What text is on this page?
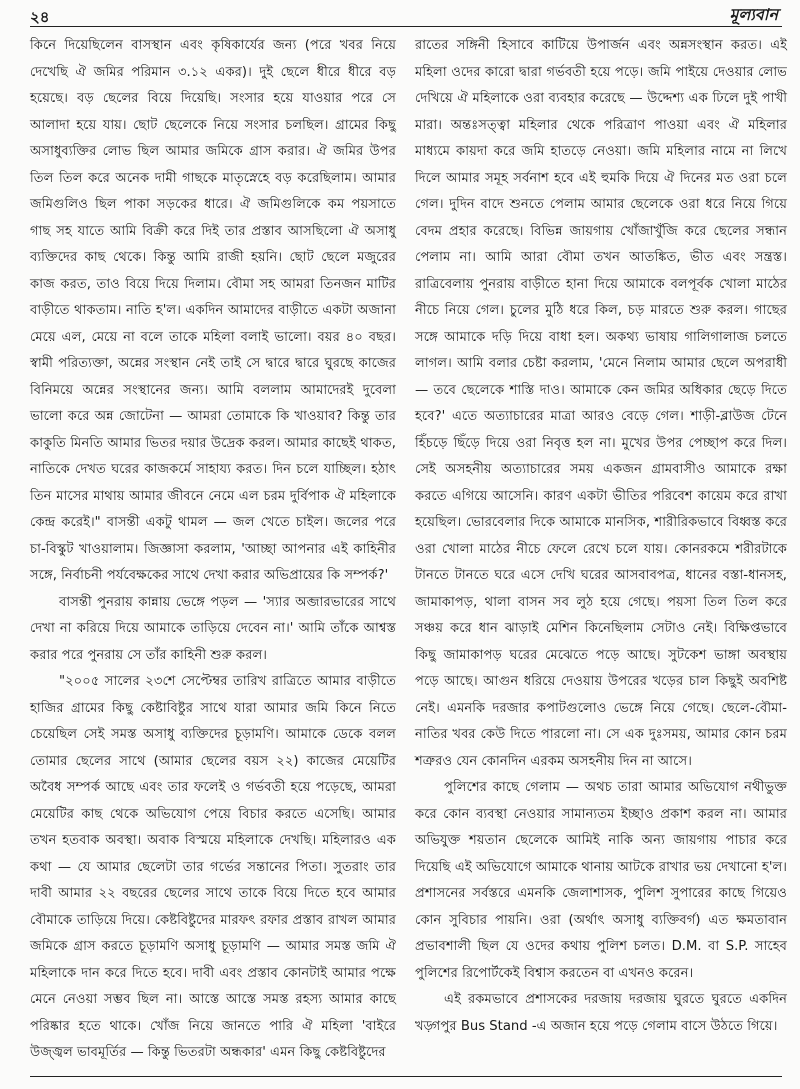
২৪	মূল্যবান

কিনে দিয়েছিলেন বাসস্থান এবং কৃষিকার্যের জন্য (পরে খবর নিয়ে দেখেছি ঐ জমির পরিমান ৩.১২ একর)। দুই ছেলে ধীরে ধীরে বড় হয়েছে। বড় ছেলের বিয়ে দিয়েছি। সংসার হয়ে যাওয়ার পরে সে আলাদা হয়ে যায়। ছোট ছেলেকে নিয়ে সংসার চলছিল। গ্রামের কিছু অসাধুব্যক্তির লোভ ছিল আমার জমিকে গ্রাস করার। ঐ জমির উপর তিল তিল করে অনেক দামী গাছকে মাতৃস্নেহে বড় করেছিলাম। আমার জমিগুলিও ছিল পাকা সড়কের ধারে। ঐ জমিগুলিকে কম পয়সাতে গাছ সহ যাতে আমি বিক্রী করে দিই তার প্রস্তাব আসছিলো ঐ অসাধু ব্যক্তিদের কাছ থেকে। কিন্তু আমি রাজী হয়নি। ছোট ছেলে মজুরের কাজ করত, তাও বিয়ে দিয়ে দিলাম। বৌমা সহ আমরা তিনজন মাটির বাড়ীতে থাকতাম। নাতি হ'ল। একদিন আমাদের বাড়ীতে একটা অজানা মেয়ে এল, মেয়ে না বলে তাকে মহিলা বলাই ভালো। বয়র ৪০ বছর। স্বামী পরিত্যক্তা, অন্নের সংস্থান নেই তাই সে দ্বারে দ্বারে ঘুরছে কাজের বিনিময়ে অন্নের সংস্থানের জন্য। আমি বললাম আমাদেরই দুবেলা ভালো করে অন্ন জোটেনা — আমরা তোমাকে কি খাওয়াব? কিন্তু তার কাকুতি মিনতি আমার ভিতর দয়ার উদ্রেক করল। আমার কাছেই থাকত, নাতিকে দেখত ঘরের কাজকর্মে সাহায্য করত। দিন চলে যাচ্ছিল। হঠাৎ তিন মাসের মাথায় আমার জীবনে নেমে এল চরম দুর্বিপাক ঐ মহিলাকে কেন্দ্র করেই।" বাসন্তী একটু থামল — জল খেতে চাইল। জলের পরে চা-বিস্কুট খাওয়ালাম। জিজ্ঞাসা করলাম, 'আচ্ছা আপনার এই কাহিনীর সঙ্গে, নির্বাচনী পর্যবেক্ষকের সাথে দেখা করার অভিপ্রায়ের কি সম্পর্ক?'

বাসন্তী পুনরায় কান্নায় ভেঙ্গে পড়ল — 'স্যার অব্জারভারের সাথে দেখা না করিয়ে দিয়ে আমাকে তাড়িয়ে দেবেন না।' আমি তাঁকে আশ্বস্ত করার পরে পুনরায় সে তাঁর কাহিনী শুরু করল।

"২০০৫ সালের ২৩শে সেপ্টেম্বর তারিখ রাত্রিতে আমার বাড়ীতে হাজির গ্রামের কিছু কেষ্টাবিষ্টুর সাথে যারা আমার জমি কিনে নিতে চেয়েছিল সেই সমস্ত অসাধু ব্যক্তিদের চূড়ামণি। আমাকে ডেকে বলল তোমার ছেলের সাথে (আমার ছেলের বয়স ২২) কাজের মেয়েটির অবৈধ সম্পর্ক আছে এবং তার ফলেই ও গর্ভবতী হয়ে পড়েছে, আমরা মেয়েটির কাছ থেকে অভিযোগ পেয়ে বিচার করতে এসেছি। আমার তখন হতবাক অবস্থা। অবাক বিস্ময়ে মহিলাকে দেখছি। মহিলারও এক কথা — যে আমার ছেলেটা তার গর্ভের সন্তানের পিতা। সুতরাং তার দাবী আমার ২২ বছরের ছেলের সাথে তাকে বিয়ে দিতে হবে আমার বৌমাকে তাড়িয়ে দিয়ে। কেষ্টবিষ্টুদের মারফৎ রফার প্রস্তাব রাখল আমার জমিকে গ্রাস করতে চূড়ামণি অসাধু চূড়ামণি — আমার সমস্ত জমি ঐ মহিলাকে দান করে দিতে হবে। দাবী এবং প্রস্তাব কোনটাই আমার পক্ষে মেনে নেওয়া সম্ভব ছিল না। আস্তে আস্তে সমস্ত রহস্য আমার কাছে পরিষ্কার হতে থাকে। খোঁজ নিয়ে জানতে পারি ঐ মহিলা 'বাইরে উজ্জ্বল ভাবমূর্তির — কিন্তু ভিতরটা অন্ধকার' এমন কিছু কেষ্টবিষ্টুদের

রাতের সঙ্গিনী হিসাবে কাটিয়ে উপার্জন এবং অন্নসংস্থান করত। এই মহিলা ওদের কারো দ্বারা গর্ভবতী হয়ে পড়ে। জমি পাইয়ে দেওয়ার লোভ দেখিয়ে ঐ মহিলাকে ওরা ব্যবহার করেছে — উদ্দেশ্য এক ঢিলে দুই পাখী মারা। অন্তঃসত্ত্বা মহিলার থেকে পরিত্রাণ পাওয়া এবং ঐ মহিলার মাধ্যমে কায়দা করে জমি হাতড়ে নেওয়া। জমি মহিলার নামে না লিখে দিলে আমার সমূহ সর্বনাশ হবে এই হুমকি দিয়ে ঐ দিনের মত ওরা চলে গেল। দুদিন বাদে শুনতে পেলাম আমার ছেলেকে ওরা ধরে নিয়ে গিয়ে বেদম প্রহার করেছে। বিভিন্ন জায়গায় খোঁজাখুঁজি করে ছেলের সন্ধান পেলাম না। আমি আরা বৌমা তখন আতঙ্কিত, ভীত এবং সন্ত্রস্ত। রাত্রিবেলায় পুনরায় বাড়ীতে হানা দিয়ে আমাকে বলপূর্বক খোলা মাঠের নীচে নিয়ে গেল। চুলের মুঠি ধরে কিল, চড় মারতে শুরু করল। গাছের সঙ্গে আমাকে দড়ি দিয়ে বাধা হল। অকথ্য ভাষায় গালিগালাজ চলতে লাগল। আমি বলার চেষ্টা করলাম, 'মেনে নিলাম আমার ছেলে অপরাধী — তবে ছেলেকে শাস্তি দাও। আমাকে কেন জমির অধিকার ছেড়ে দিতে হবে?' এতে অত্যাচারের মাত্রা আরও বেড়ে গেল। শাড়ী-ব্লাউজ টেনে হিঁচড়ে ছিঁড়ে দিয়ে ওরা নিবৃত্ত হল না। মুখের উপর পেচ্ছাপ করে দিল। সেই অসহনীয় অত্যাচারের সময় একজন গ্রামবাসীও আমাকে রক্ষা করতে এগিয়ে আসেনি। কারণ একটা ভীতির পরিবেশ কায়েম করে রাখা হয়েছিল। ভোরবেলার দিকে আমাকে মানসিক, শারীরিকভাবে বিধ্বস্ত করে ওরা খোলা মাঠের নীচে ফেলে রেখে চলে যায়। কোনরকমে শরীরটাকে টানতে টানতে ঘরে এসে দেখি ঘরের আসবাবপত্র, ধানের বস্তা-ধানসহ, জামাকাপড়, থালা বাসন সব লুঠ হয়ে গেছে। পয়সা তিল তিল করে সঞ্চয় করে ধান ঝাড়াই মেশিন কিনেছিলাম সেটাও নেই। বিক্ষিপ্তভাবে কিছু জামাকাপড় ঘরের মেঝেতে পড়ে আছে। সুটকেশ ভাঙ্গা অবস্থায় পড়ে আছে। আগুন ধরিয়ে দেওয়ায় উপরের খড়ের চাল কিছুই অবশিষ্ট নেই। এমনকি দরজার কপাটগুলোও ভেঙ্গে নিয়ে গেছে। ছেলে-বৌমা-নাতির খবর কেউ দিতে পারলো না। সে এক দুঃসময়, আমার কোন চরম শত্রুরও যেন কোনদিন এরকম অসহনীয় দিন না আসে।

পুলিশের কাছে গেলাম — অথচ তারা আমার অভিযোগ নথীভুক্ত করে কোন ব্যবস্থা নেওয়ার সামান্যতম ইচ্ছাও প্রকাশ করল না। আমার অভিযুক্ত শয়তান ছেলেকে আমিই নাকি অন্য জায়গায় পাচার করে দিয়েছি এই অভিযোগে আমাকে থানায় আটকে রাখার ভয় দেখানো হ'ল। প্রশাসনের সর্বস্তরে এমনকি জেলাশাসক, পুলিশ সুপারের কাছে গিয়েও কোন সুবিচার পায়নি। ওরা (অর্থাৎ অসাধু ব্যক্তিবর্গ) এত ক্ষমতাবান প্রভাবশালী ছিল যে ওদের কথায় পুলিশ চলত। D.M. বা S.P. সাহেব পুলিশের রিপোর্টকেই বিশ্বাস করতেন বা এখনও করেন।

এই রকমভাবে প্রশাসকের দরজায় দরজায় ঘুরতে ঘুরতে একদিন খড়্গপুর Bus Stand -এ অজান হয়ে পড়ে গেলাম বাসে উঠতে গিয়ে।
